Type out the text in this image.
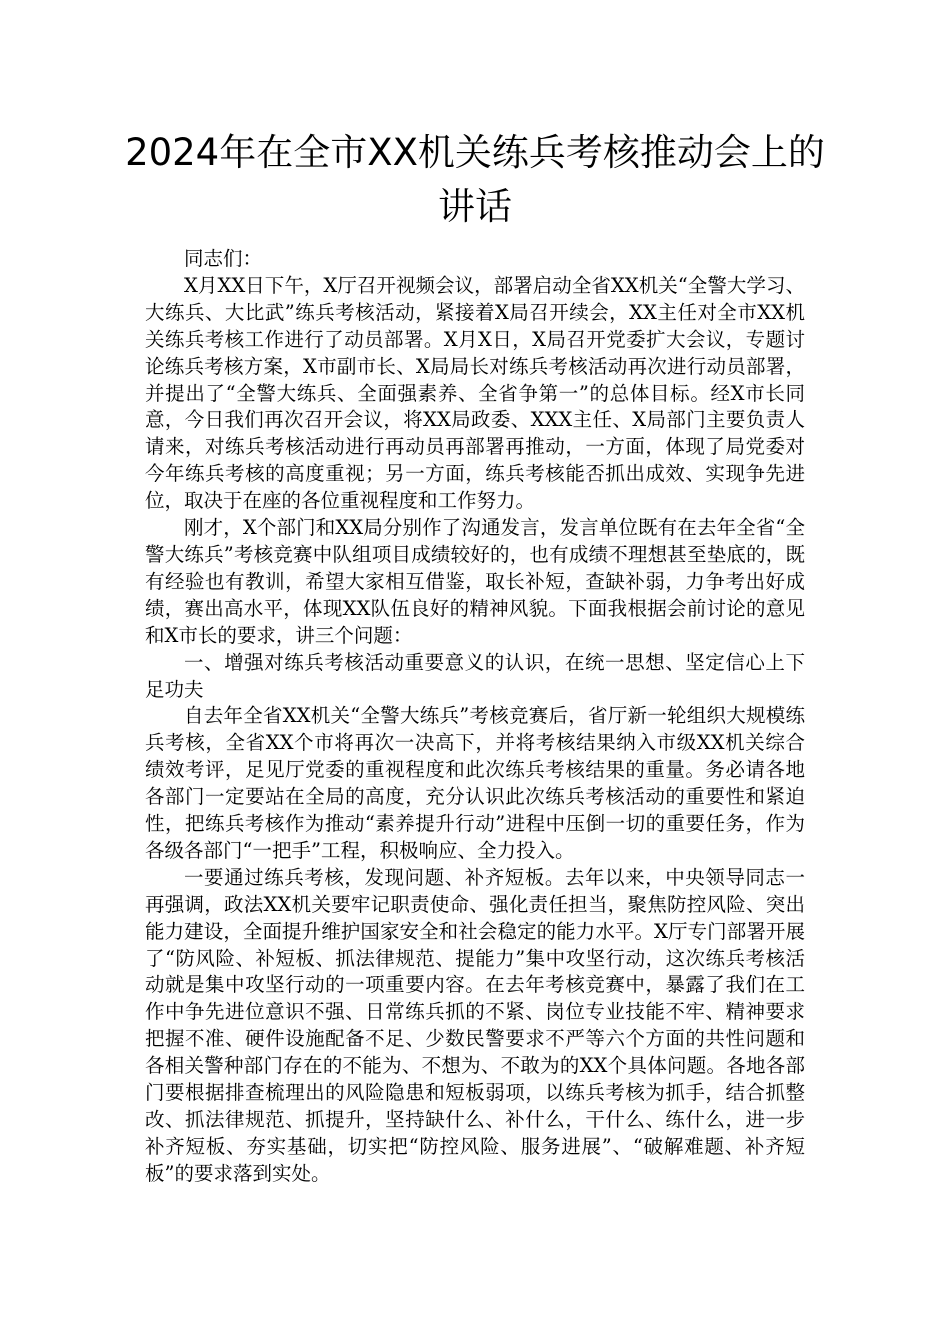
2024年在全市XX机关练兵考核推动会上的讲话

同志们：

X月XX日下午，X厅召开视频会议，部署启动全省XX机关“全警大学习、大练兵、大比武”练兵考核活动，紧接着X局召开续会，XX主任对全市XX机关练兵考核工作进行了动员部署。X月X日，X局召开党委扩大会议，专题讨论练兵考核方案，X市副市长、X局局长对练兵考核活动再次进行动员部署，并提出了“全警大练兵、全面强素养、全省争第一”的总体目标。经X市长同意，今日我们再次召开会议，将XX局政委、XXX主任、X局部门主要负责人请来，对练兵考核活动进行再动员再部署再推动，一方面，体现了局党委对今年练兵考核的高度重视；另一方面，练兵考核能否抓出成效、实现争先进位，取决于在座的各位重视程度和工作努力。

刚才，X个部门和XX局分别作了沟通发言，发言单位既有在去年全省“全警大练兵”考核竞赛中队组项目成绩较好的，也有成绩不理想甚至垫底的，既有经验也有教训，希望大家相互借鉴，取长补短，查缺补弱，力争考出好成绩，赛出高水平，体现XX队伍良好的精神风貌。下面我根据会前讨论的意见和X市长的要求，讲三个问题：

一、增强对练兵考核活动重要意义的认识，在统一思想、坚定信心上下足功夫

自去年全省XX机关“全警大练兵”考核竞赛后，省厅新一轮组织大规模练兵考核，全省XX个市将再次一决高下，并将考核结果纳入市级XX机关综合绩效考评，足见厅党委的重视程度和此次练兵考核结果的重量。务必请各地各部门一定要站在全局的高度，充分认识此次练兵考核活动的重要性和紧迫性，把练兵考核作为推动“素养提升行动”进程中压倒一切的重要任务，作为各级各部门“一把手”工程，积极响应、全力投入。

一要通过练兵考核，发现问题、补齐短板。去年以来，中央领导同志一再强调，政法XX机关要牢记职责使命、强化责任担当，聚焦防控风险、突出能力建设，全面提升维护国家安全和社会稳定的能力水平。X厅专门部署开展了“防风险、补短板、抓法律规范、提能力”集中攻坚行动，这次练兵考核活动就是集中攻坚行动的一项重要内容。在去年考核竞赛中，暴露了我们在工作中争先进位意识不强、日常练兵抓的不紧、岗位专业技能不牢、精神要求把握不准、硬件设施配备不足、少数民警要求不严等六个方面的共性问题和各相关警种部门存在的不能为、不想为、不敢为的XX个具体问题。各地各部门要根据排查梳理出的风险隐患和短板弱项，以练兵考核为抓手，结合抓整改、抓法律规范、抓提升，坚持缺什么、补什么，干什么、练什么，进一步补齐短板、夯实基础，切实把“防控风险、服务进展”、“破解难题、补齐短板”的要求落到实处。
